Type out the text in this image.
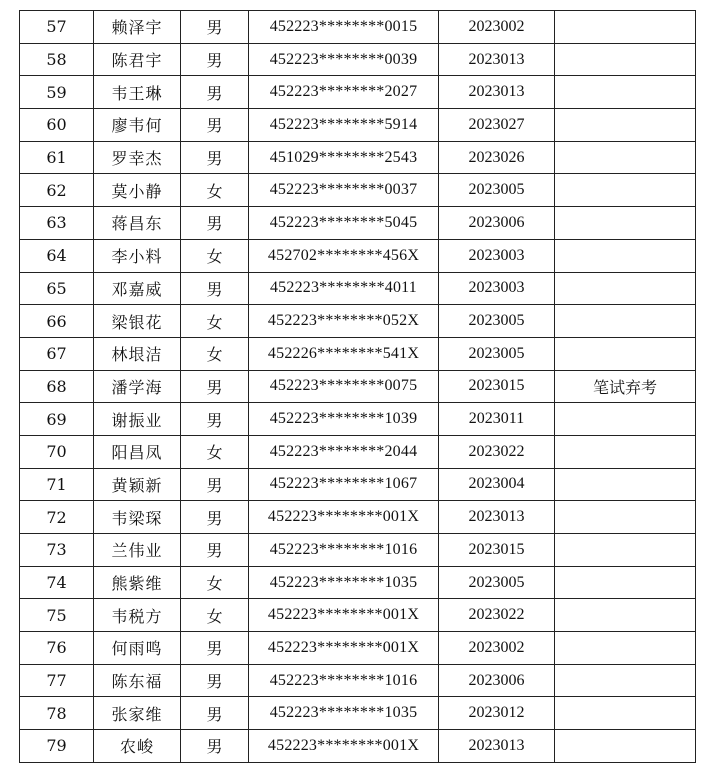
57	赖泽宇	男	452223********0015	2023002	
58	陈君宇	男	452223********0039	2023013	
59	韦王琳	男	452223********2027	2023013	
60	廖韦何	男	452223********5914	2023027	
61	罗幸杰	男	451029********2543	2023026	
62	莫小静	女	452223********0037	2023005	
63	蒋昌东	男	452223********5045	2023006	
64	李小料	女	452702********456X	2023003	
65	邓嘉威	男	452223********4011	2023003	
66	梁银花	女	452223********052X	2023005	
67	林垠洁	女	452226********541X	2023005	
68	潘学海	男	452223********0075	2023015	笔试弃考
69	谢振业	男	452223********1039	2023011	
70	阳昌凤	女	452223********2044	2023022	
71	黄颖新	男	452223********1067	2023004	
72	韦梁琛	男	452223********001X	2023013	
73	兰伟业	男	452223********1016	2023015	
74	熊紫维	女	452223********1035	2023005	
75	韦税方	女	452223********001X	2023022	
76	何雨鸣	男	452223********001X	2023002	
77	陈东福	男	452223********1016	2023006	
78	张家维	男	452223********1035	2023012	
79	农峻	男	452223********001X	2023013	
